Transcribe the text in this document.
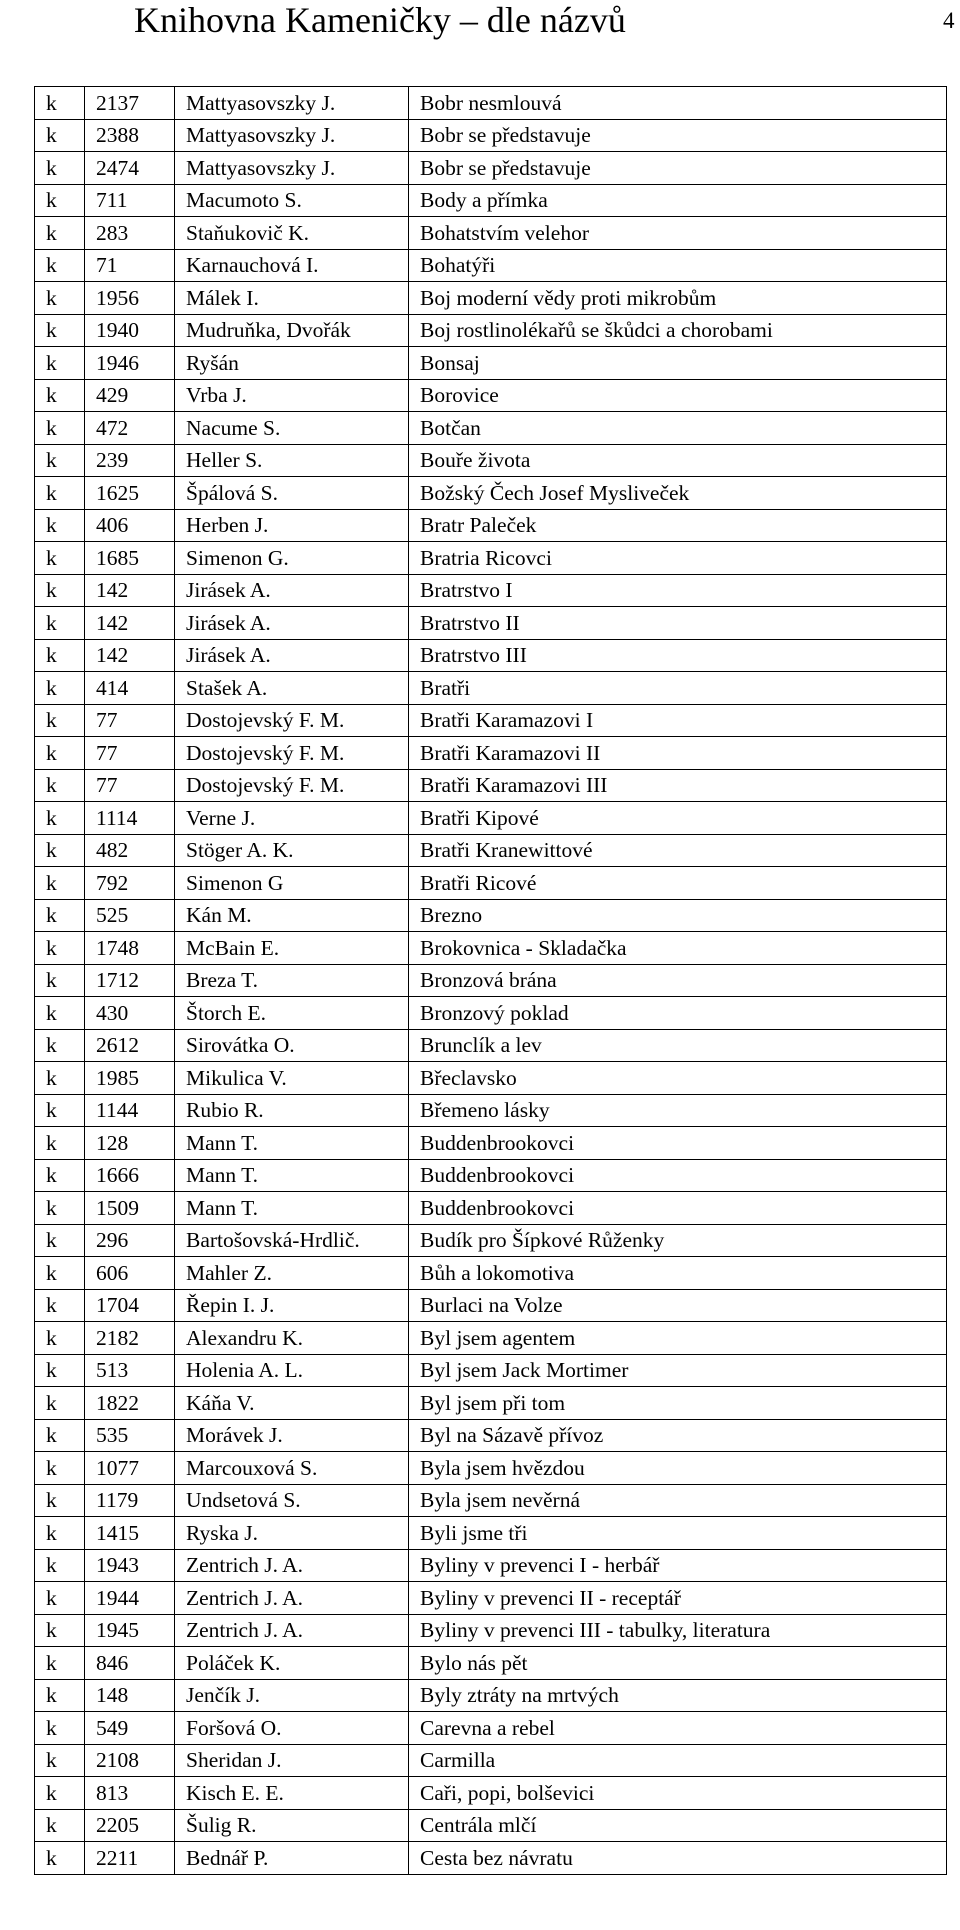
Knihovna Kameničky – dle názvů	4
k	2137	Mattyasovszky J.	Bobr nesmlouvá
k	2388	Mattyasovszky J.	Bobr se představuje
k	2474	Mattyasovszky J.	Bobr se představuje
k	711	Macumoto S.	Body a přímka
k	283	Staňukovič K.	Bohatstvím velehor
k	71	Karnauchová I.	Bohatýři
k	1956	Málek I.	Boj moderní vědy proti mikrobům
k	1940	Mudruňka, Dvořák	Boj rostlinolékařů se škůdci a chorobami
k	1946	Ryšán	Bonsaj
k	429	Vrba J.	Borovice
k	472	Nacume S.	Botčan
k	239	Heller S.	Bouře života
k	1625	Špálová S.	Božský Čech Josef Mysliveček
k	406	Herben J.	Bratr Paleček
k	1685	Simenon G.	Bratria Ricovci
k	142	Jirásek A.	Bratrstvo I
k	142	Jirásek A.	Bratrstvo II
k	142	Jirásek A.	Bratrstvo III
k	414	Stašek A.	Bratři
k	77	Dostojevský F. M.	Bratři Karamazovi I
k	77	Dostojevský F. M.	Bratři Karamazovi II
k	77	Dostojevský F. M.	Bratři Karamazovi III
k	1114	Verne J.	Bratři Kipové
k	482	Stöger A. K.	Bratři Kranewittové
k	792	Simenon G	Bratři Ricové
k	525	Kán M.	Brezno
k	1748	McBain E.	Brokovnica - Skladačka
k	1712	Breza T.	Bronzová brána
k	430	Štorch E.	Bronzový poklad
k	2612	Sirovátka O.	Brunclík a lev
k	1985	Mikulica V.	Břeclavsko
k	1144	Rubio R.	Břemeno lásky
k	128	Mann T.	Buddenbrookovci
k	1666	Mann T.	Buddenbrookovci
k	1509	Mann T.	Buddenbrookovci
k	296	Bartošovská-Hrdlič.	Budík pro Šípkové Růženky
k	606	Mahler Z.	Bůh a lokomotiva
k	1704	Řepin I. J.	Burlaci na Volze
k	2182	Alexandru K.	Byl jsem agentem
k	513	Holenia A. L.	Byl jsem Jack Mortimer
k	1822	Káňa V.	Byl jsem při tom
k	535	Morávek J.	Byl na Sázavě přívoz
k	1077	Marcouxová S.	Byla jsem hvězdou
k	1179	Undsetová S.	Byla jsem nevěrná
k	1415	Ryska J.	Byli jsme tři
k	1943	Zentrich J. A.	Byliny v prevenci I - herbář
k	1944	Zentrich J. A.	Byliny v prevenci II - receptář
k	1945	Zentrich J. A.	Byliny v prevenci III - tabulky, literatura
k	846	Poláček K.	Bylo nás pět
k	148	Jenčík J.	Byly ztráty na mrtvých
k	549	Foršová O.	Carevna a rebel
k	2108	Sheridan J.	Carmilla
k	813	Kisch E. E.	Caři, popi, bolševici
k	2205	Šulig R.	Centrála mlčí
k	2211	Bednář P.	Cesta bez návratu
